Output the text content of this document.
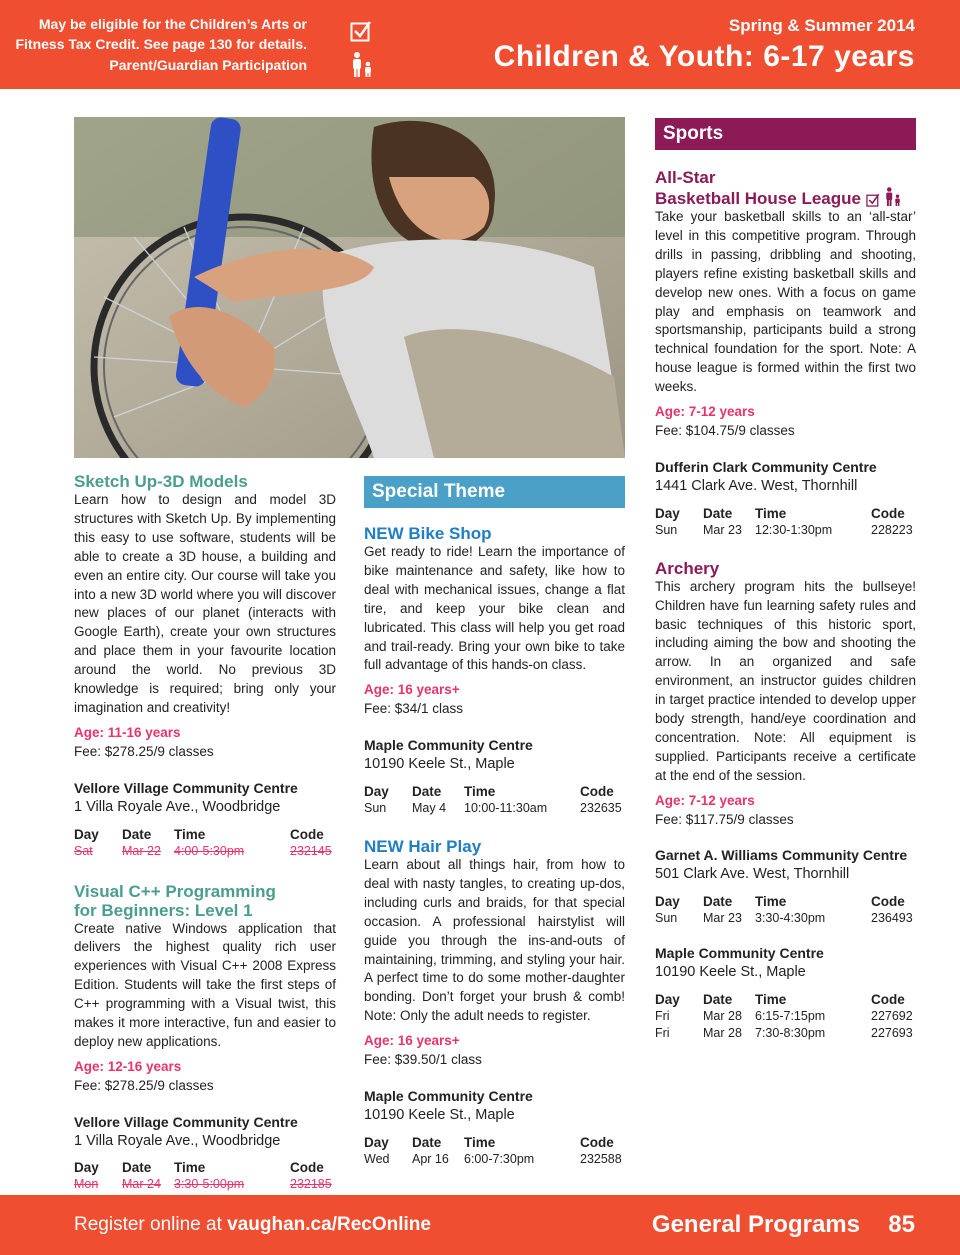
May be eligible for the Children’s Arts or
Fitness Tax Credit. See page 130 for details.
Parent/Guardian Participation
Spring & Summer 2014
Children & Youth: 6-17 years

Sketch Up-3D Models

Learn how to design and model 3D structures with Sketch Up. By implementing this easy to use software, students will be able to create a 3D house, a building and even an entire city. Our course will take you into a new 3D world where you will discover new places of our planet (interacts with Google Earth), create your own structures and place them in your favourite location around the world. No previous 3D knowledge is required; bring only your imagination and creativity!

Age: 11-16 years

Fee: $278.25/9 classes

Vellore Village Community Centre

1 Villa Royale Ave., Woodbridge

Day	Date	Time	Code
Sat	Mar 22	4:00-5:30pm	232145

Visual C++ Programming

for Beginners: Level 1

Create native Windows application that delivers the highest quality rich user experiences with Visual C++ 2008 Express Edition. Students will take the first steps of C++ programming with a Visual twist, this makes it more interactive, fun and easier to deploy new applications.

Age: 12-16 years

Fee: $278.25/9 classes

Vellore Village Community Centre

1 Villa Royale Ave., Woodbridge

Day	Date	Time	Code
Mon	Mar 24	3:30-5:00pm	232185
Special Theme

NEW Bike Shop

Get ready to ride! Learn the importance of bike maintenance and safety, like how to deal with mechanical issues, change a flat tire, and keep your bike clean and lubricated. This class will help you get road and trail-ready. Bring your own bike to take full advantage of this hands-on class.

Age: 16 years+

Fee: $34/1 class

Maple Community Centre

10190 Keele St., Maple

Day	Date	Time	Code
Sun	May 4	10:00-11:30am	232635

NEW Hair Play

Learn about all things hair, from how to deal with nasty tangles, to creating up-dos, including curls and braids, for that special occasion. A professional hairstylist will guide you through the ins-and-outs of maintaining, trimming, and styling your hair. A perfect time to do some mother-daughter bonding. Don’t forget your brush & comb! Note: Only the adult needs to register.

Age: 16 years+

Fee: $39.50/1 class

Maple Community Centre

10190 Keele St., Maple

Day	Date	Time	Code
Wed	Apr 16	6:00-7:30pm	232588
Sports

All-Star

Basketball House League

Take your basketball skills to an ‘all-star’ level in this competitive program. Through drills in passing, dribbling and shooting, players refine existing basketball skills and develop new ones. With a focus on game play and emphasis on teamwork and sportsmanship, participants build a strong technical foundation for the sport. Note: A house league is formed within the first two weeks.

Age: 7-12 years

Fee: $104.75/9 classes

Dufferin Clark Community Centre

1441 Clark Ave. West, Thornhill

Day	Date	Time	Code
Sun	Mar 23	12:30-1:30pm	228223

Archery

This archery program hits the bullseye! Children have fun learning safety rules and basic techniques of this historic sport, including aiming the bow and shooting the arrow. In an organized and safe environment, an instructor guides children in target practice intended to develop upper body strength, hand/eye coordination and concentration. Note: All equipment is supplied. Participants receive a certificate at the end of the session.

Age: 7-12 years

Fee: $117.75/9 classes

Garnet A. Williams Community Centre

501 Clark Ave. West, Thornhill

Day	Date	Time	Code
Sun	Mar 23	3:30-4:30pm	236493

Maple Community Centre

10190 Keele St., Maple

Day	Date	Time	Code
Fri	Mar 28	6:15-7:15pm	227692
Fri	Mar 28	7:30-8:30pm	227693
Register online at vaughan.ca/RecOnline	General Programs 85
